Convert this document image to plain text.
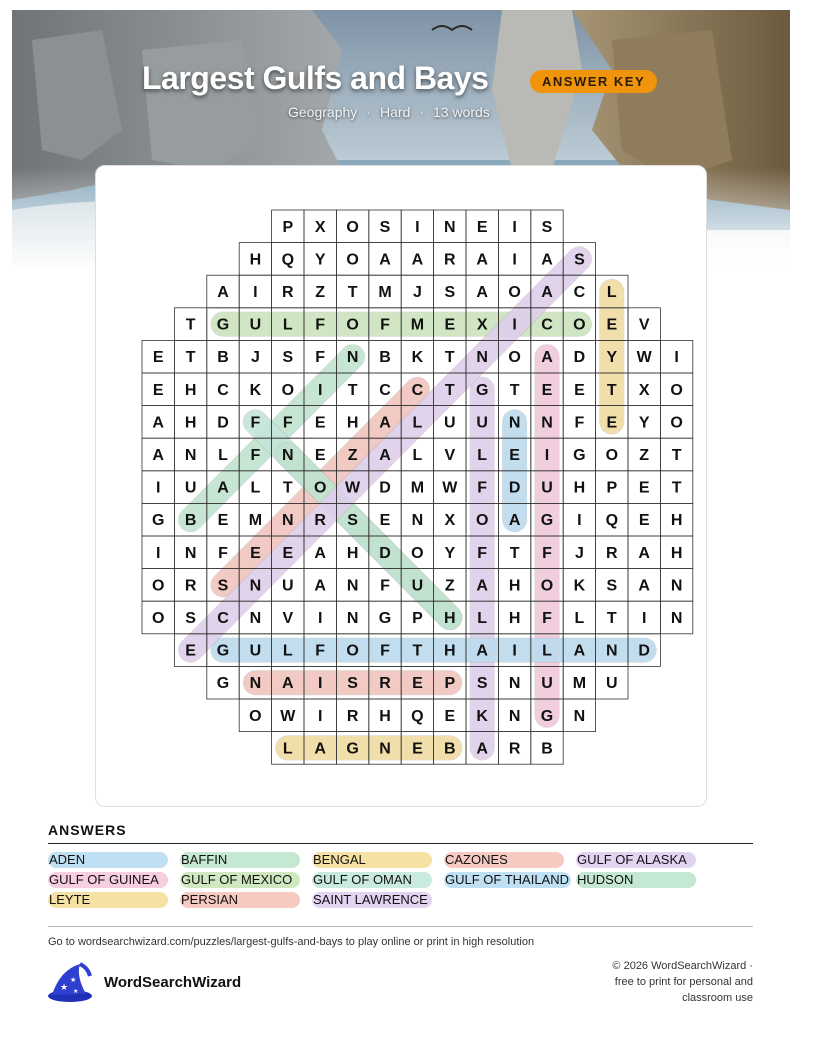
Largest Gulfs and Bays	ANSWER KEY
Geography · Hard · 13 words
P X O S I N E I S
H Q Y O A A R A I A S
A I R Z T M J S A O A C L
T G U L F O F M E X I C O E V
E T B J S F N B K T N O A D Y W I
E H C K O I T C C T G T E E T X O
A H D F F E H A L U U N N F E Y O
A N L F N E Z A L V L E I G O Z T
I U A L T O W D M W F D U H P E T
G B E M N R S E N X O A G I Q E H
I N F E E A H D O Y F T F J R A H
O R S N U A N F U Z A H O K S A N
O S C N V I N G P H L H F L T I N
E G U L F O F T H A I L A N D
G N A I S R E P S N U M U
O W I R H Q E K N G N
L A G N E B A R B
ANSWERS
ADEN	BAFFIN	BENGAL	CAZONES	GULF OF ALASKA
GULF OF GUINEA	GULF OF MEXICO	GULF OF OMAN	GULF OF THAILAND HUDSON
LEYTE	PERSIAN	SAINT LAWRENCE
Go to wordsearchwizard.com/puzzles/largest-gulfs-and-bays to play online or print in high resolution
★
★
★
WordSearchWizard
© 2026 WordSearchWizard ·
free to print for personal and
classroom use
